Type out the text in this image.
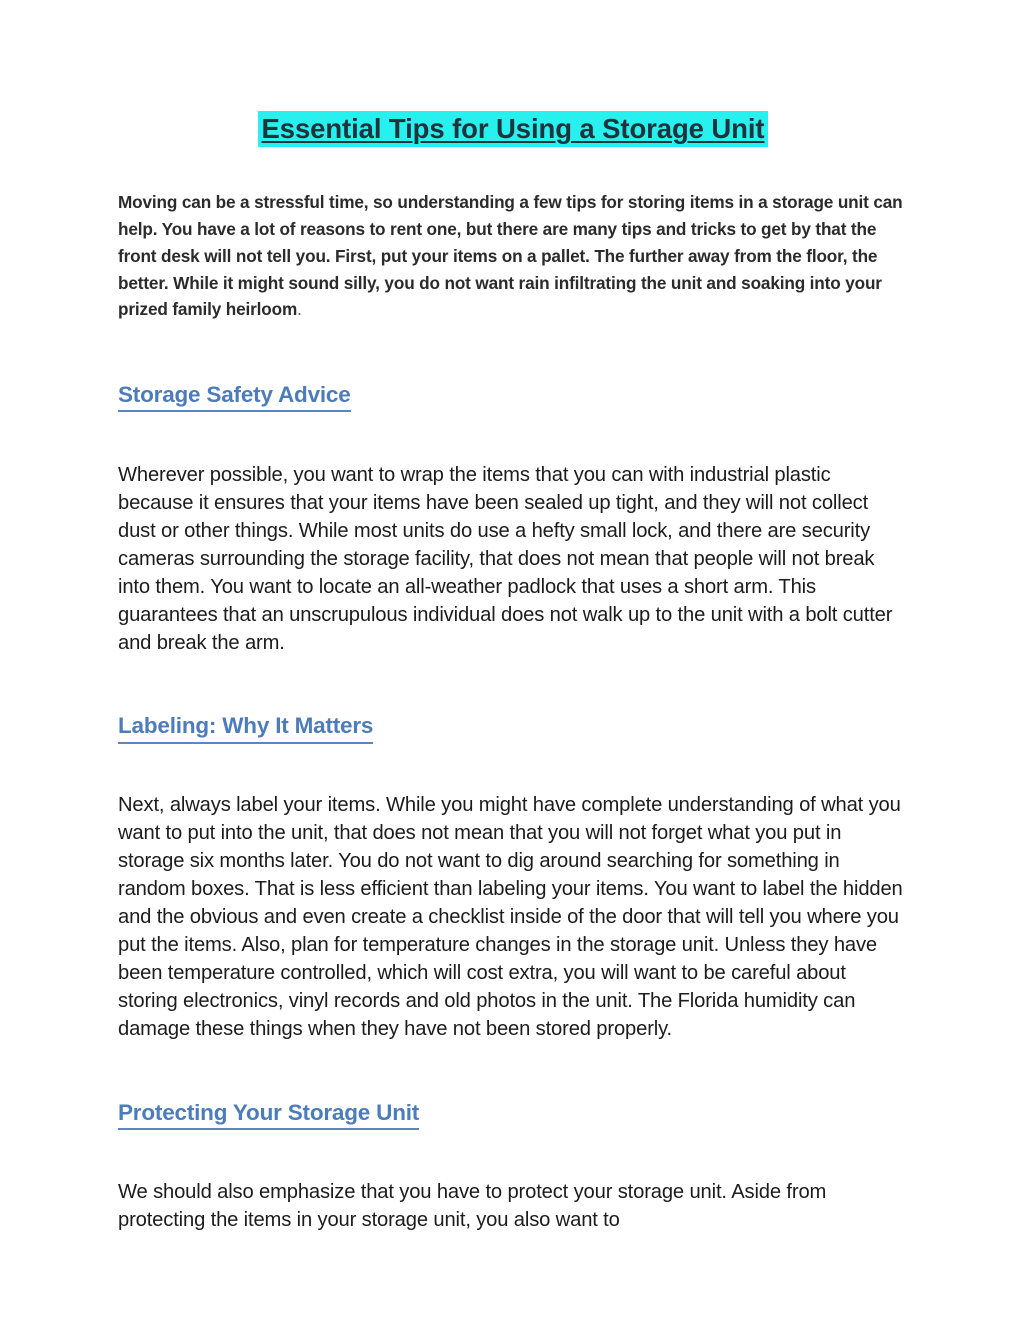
Essential Tips for Using a Storage Unit

Moving can be a stressful time, so understanding a few tips for storing items in a storage unit can help. You have a lot of reasons to rent one, but there are many tips and tricks to get by that the front desk will not tell you. First, put your items on a pallet. The further away from the floor, the better. While it might sound silly, you do not want rain infiltrating the unit and soaking into your prized family heirloom.

Storage Safety Advice

Wherever possible, you want to wrap the items that you can with industrial plastic because it ensures that your items have been sealed up tight, and they will not collect dust or other things. While most units do use a hefty small lock, and there are security cameras surrounding the storage facility, that does not mean that people will not break into them. You want to locate an all-weather padlock that uses a short arm. This guarantees that an unscrupulous individual does not walk up to the unit with a bolt cutter and break the arm.

Labeling: Why It Matters

Next, always label your items. While you might have complete understanding of what you want to put into the unit, that does not mean that you will not forget what you put in storage six months later. You do not want to dig around searching for something in random boxes. That is less efficient than labeling your items. You want to label the hidden and the obvious and even create a checklist inside of the door that will tell you where you put the items. Also, plan for temperature changes in the storage unit. Unless they have been temperature controlled, which will cost extra, you will want to be careful about storing electronics, vinyl records and old photos in the unit. The Florida humidity can damage these things when they have not been stored properly.

Protecting Your Storage Unit

We should also emphasize that you have to protect your storage unit. Aside from protecting the items in your storage unit, you also want to
